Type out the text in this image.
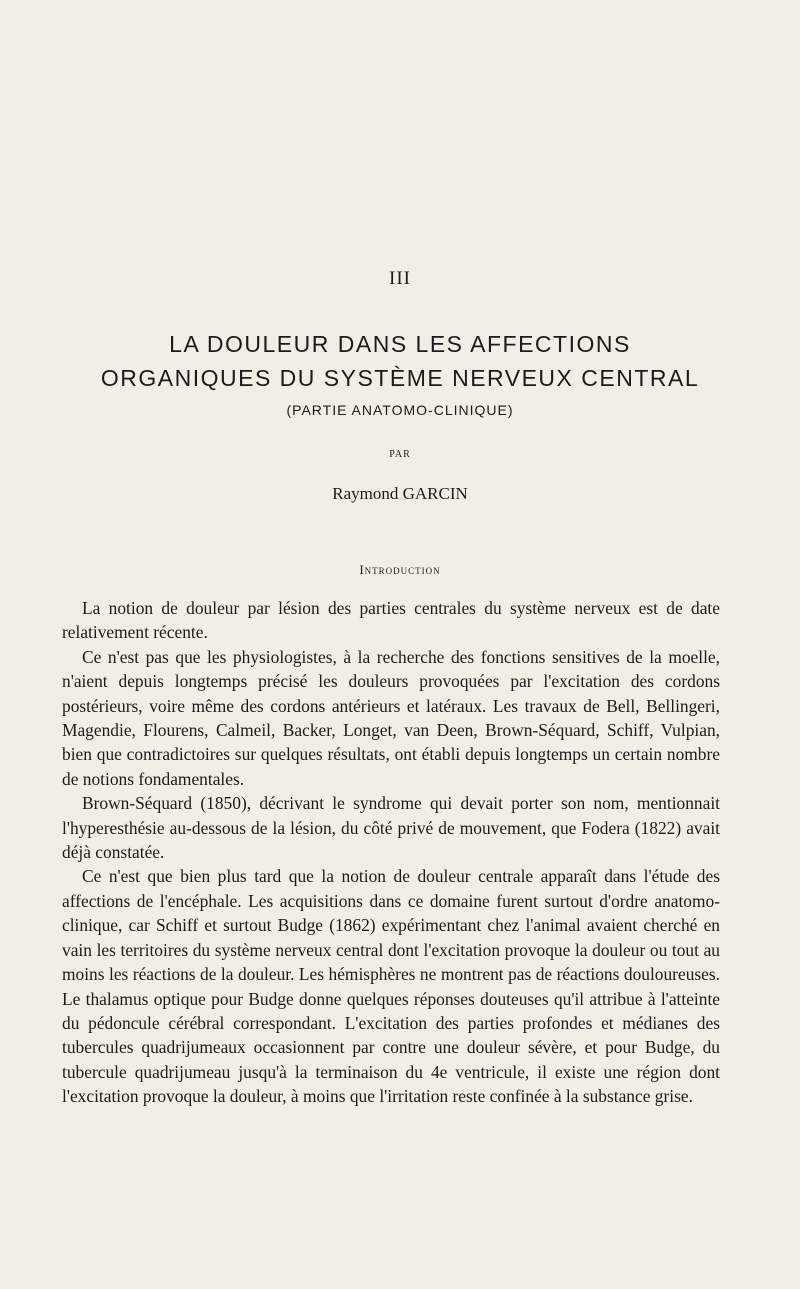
III
LA DOULEUR DANS LES AFFECTIONS
ORGANIQUES DU SYSTÈME NERVEUX CENTRAL
(PARTIE ANATOMO-CLINIQUE)
PAR
Raymond GARCIN
Introduction

La notion de douleur par lésion des parties centrales du système nerveux est de date relativement récente.

Ce n'est pas que les physiologistes, à la recherche des fonctions sensitives de la moelle, n'aient depuis longtemps précisé les douleurs provoquées par l'excitation des cordons postérieurs, voire même des cordons antérieurs et latéraux. Les travaux de Bell, Bellingeri, Magendie, Flourens, Calmeil, Backer, Longet, van Deen, Brown-Séquard, Schiff, Vulpian, bien que contradictoires sur quelques résultats, ont établi depuis longtemps un certain nombre de notions fondamentales.

Brown-Séquard (1850), décrivant le syndrome qui devait porter son nom, mentionnait l'hyperesthésie au-dessous de la lésion, du côté privé de mouvement, que Fodera (1822) avait déjà constatée.

Ce n'est que bien plus tard que la notion de douleur centrale apparaît dans l'étude des affections de l'encéphale. Les acquisitions dans ce domaine furent surtout d'ordre anatomo-clinique, car Schiff et surtout Budge (1862) expérimentant chez l'animal avaient cherché en vain les territoires du système nerveux central dont l'excitation provoque la douleur ou tout au moins les réactions de la douleur. Les hémisphères ne montrent pas de réactions douloureuses. Le thalamus optique pour Budge donne quelques réponses douteuses qu'il attribue à l'atteinte du pédoncule cérébral correspondant. L'excitation des parties profondes et médianes des tubercules quadrijumeaux occasionnent par contre une douleur sévère, et pour Budge, du tubercule quadrijumeau jusqu'à la terminaison du 4e ventricule, il existe une région dont l'excitation provoque la douleur, à moins que l'irritation reste confinée à la substance grise.
